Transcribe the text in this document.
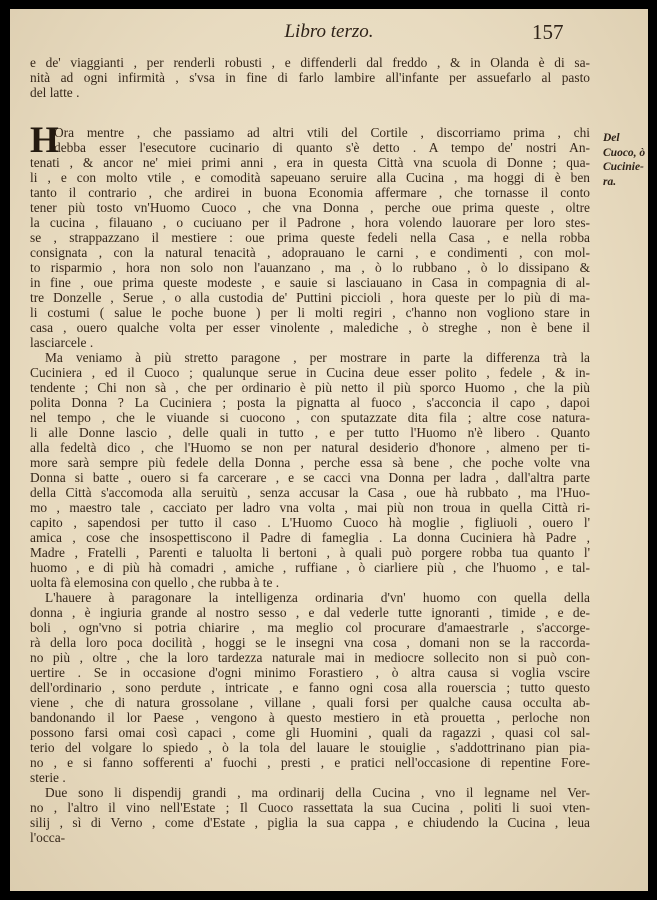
Libro terzo.	157
Del
Cuoco, ò
Cucinie-
ra.
e de' viaggianti , per renderli robusti , e diffenderli dal freddo , & in Olanda è di sa-
nità ad ogni infirmità , s'vsa in fine di farlo lambire all'infante per assuefarlo al pasto
del latte .
H
Ora mentre , che passiamo ad altri vtili del Cortile , discorriamo prima , chi
debba esser l'esecutore cucinario di quanto s'è detto . A tempo de' nostri An-
tenati , & ancor ne' miei primi anni , era in questa Città vna scuola di Donne ; qua-
li , e con molto vtile , e comodità sapeuano seruire alla Cucina , ma hoggi di è ben
tanto il contrario , che ardirei in buona Economia affermare , che tornasse il conto
tener più tosto vn'Huomo Cuoco , che vna Donna , perche oue prima queste , oltre
la cucina , filauano , o cuciuano per il Padrone , hora volendo lauorare per loro stes-
se , strappazzano il mestiere : oue prima queste fedeli nella Casa , e nella robba
consignata , con la natural tenacità , adoprauano le carni , e condimenti , con mol-
to risparmio , hora non solo non l'auanzano , ma , ò lo rubbano , ò lo dissipano &
in fine , oue prima queste modeste , e sauie si lasciauano in Casa in compagnia di al-
tre Donzelle , Serue , o alla custodia de' Puttini piccioli , hora queste per lo più di ma-
li costumi ( salue le poche buone ) per li molti regiri , c'hanno non vogliono stare in
casa , ouero qualche volta per esser vinolente , malediche , ò streghe , non è bene il
lasciarcele .
Ma veniamo à più stretto paragone , per mostrare in parte la differenza trà la
Cuciniera , ed il Cuoco ; qualunque serue in Cucina deue esser polito , fedele , & in-
tendente ; Chi non sà , che per ordinario è più netto il più sporco Huomo , che la più
polita Donna ? La Cuciniera ; posta la pignatta al fuoco , s'acconcia il capo , dapoi
nel tempo , che le viuande si cuocono , con sputazzate dita fila ; altre cose natura-
li alle Donne lascio , delle quali in tutto , e per tutto l'Huomo n'è libero . Quanto
alla fedeltà dico , che l'Huomo se non per natural desiderio d'honore , almeno per ti-
more sarà sempre più fedele della Donna , perche essa sà bene , che poche volte vna
Donna si batte , ouero si fa carcerare , e se cacci vna Donna per ladra , dall'altra parte
della Città s'accomoda alla seruitù , senza accusar la Casa , oue hà rubbato , ma l'Huo-
mo , maestro tale , cacciato per ladro vna volta , mai più non troua in quella Città ri-
capito , sapendosi per tutto il caso . L'Huomo Cuoco hà moglie , figliuoli , ouero l'
amica , cose che insospettiscono il Padre di fameglia . La donna Cuciniera hà Padre ,
Madre , Fratelli , Parenti e taluolta li bertoni , à quali può porgere robba tua quanto l'
huomo , e di più hà comadri , amiche , ruffiane , ò ciarliere più , che l'huomo , e tal-
uolta fà elemosina con quello , che rubba à te .
L'hauere à paragonare la intelligenza ordinaria d'vn' huomo con quella della
donna , è ingiuria grande al nostro sesso , e dal vederle tutte ignoranti , timide , e de-
boli , ogn'vno si potria chiarire , ma meglio col procurare d'amaestrarle , s'accorge-
rà della loro poca docilità , hoggi se le insegni vna cosa , domani non se la raccorda-
no più , oltre , che la loro tardezza naturale mai in mediocre sollecito non si può con-
uertire . Se in occasione d'ogni minimo Forastiero , ò altra causa si voglia vscire
dell'ordinario , sono perdute , intricate , e fanno ogni cosa alla rouerscia ; tutto questo
viene , che di natura grossolane , villane , quali forsi per qualche causa occulta ab-
bandonando il lor Paese , vengono à questo mestiero in età prouetta , perloche non
possono farsi omai così capaci , come gli Huomini , quali da ragazzi , quasi col sal-
terio del volgare lo spiedo , ò la tola del lauare le stouiglie , s'addottrinano pian pia-
no , e si fanno sofferenti a' fuochi , presti , e pratici nell'occasione di repentine Fore-
sterie .
Due sono li dispendij grandi , ma ordinarij della Cucina , vno il legname nel Ver-
no , l'altro il vino nell'Estate ; Il Cuoco rassettata la sua Cucina , politi li suoi vten-
silij , sì di Verno , come d'Estate , piglia la sua cappa , e chiudendo la Cucina , leua
l'occa-
